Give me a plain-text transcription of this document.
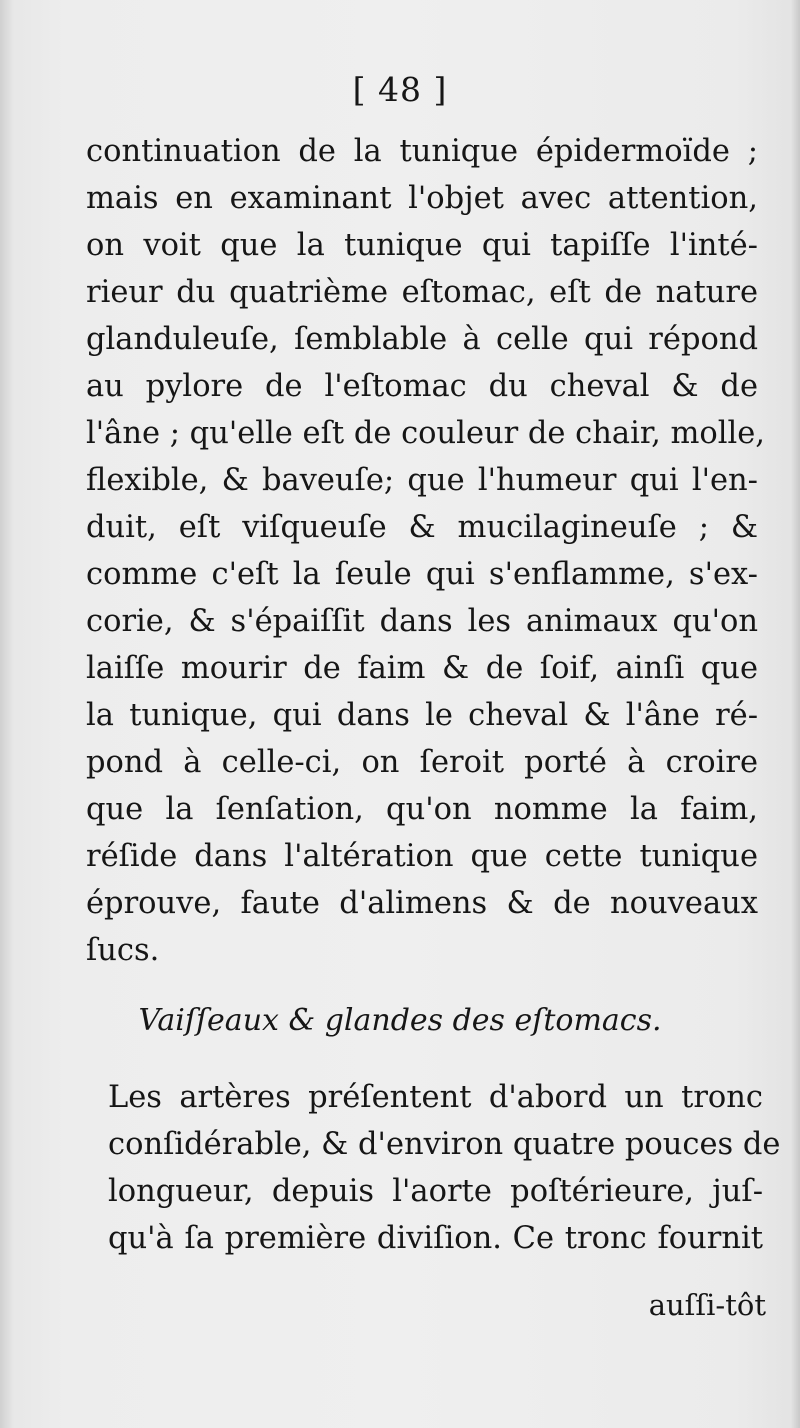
[ 48 ]
continuation de la tunique épidermoïde ;
mais en examinant l'objet avec attention,
on voit que la tunique qui tapiſſe l'inté-
rieur du quatrième eſtomac, eſt de nature
glanduleuſe, ſemblable à celle qui répond
au pylore de l'eſtomac du cheval & de
l'âne ; qu'elle eſt de couleur de chair, molle,
flexible, & baveuſe; que l'humeur qui l'en-
duit, eſt viſqueuſe & mucilagineuſe ; &
comme c'eſt la ſeule qui s'enflamme, s'ex-
corie, & s'épaiſſit dans les animaux qu'on
laiſſe mourir de faim & de ſoif, ainſi que
la tunique, qui dans le cheval & l'âne ré-
pond à celle-ci, on ſeroit porté à croire
que la ſenſation, qu'on nomme la faim,
réſide dans l'altération que cette tunique
éprouve, faute d'alimens & de nouveaux
ſucs.
Vaiſſeaux & glandes des eſtomacs.
Les artères préſentent d'abord un tronc
conſidérable, & d'environ quatre pouces de
longueur, depuis l'aorte poſtérieure, juſ-
qu'à ſa première diviſion. Ce tronc fournit
auſſi-tôt
